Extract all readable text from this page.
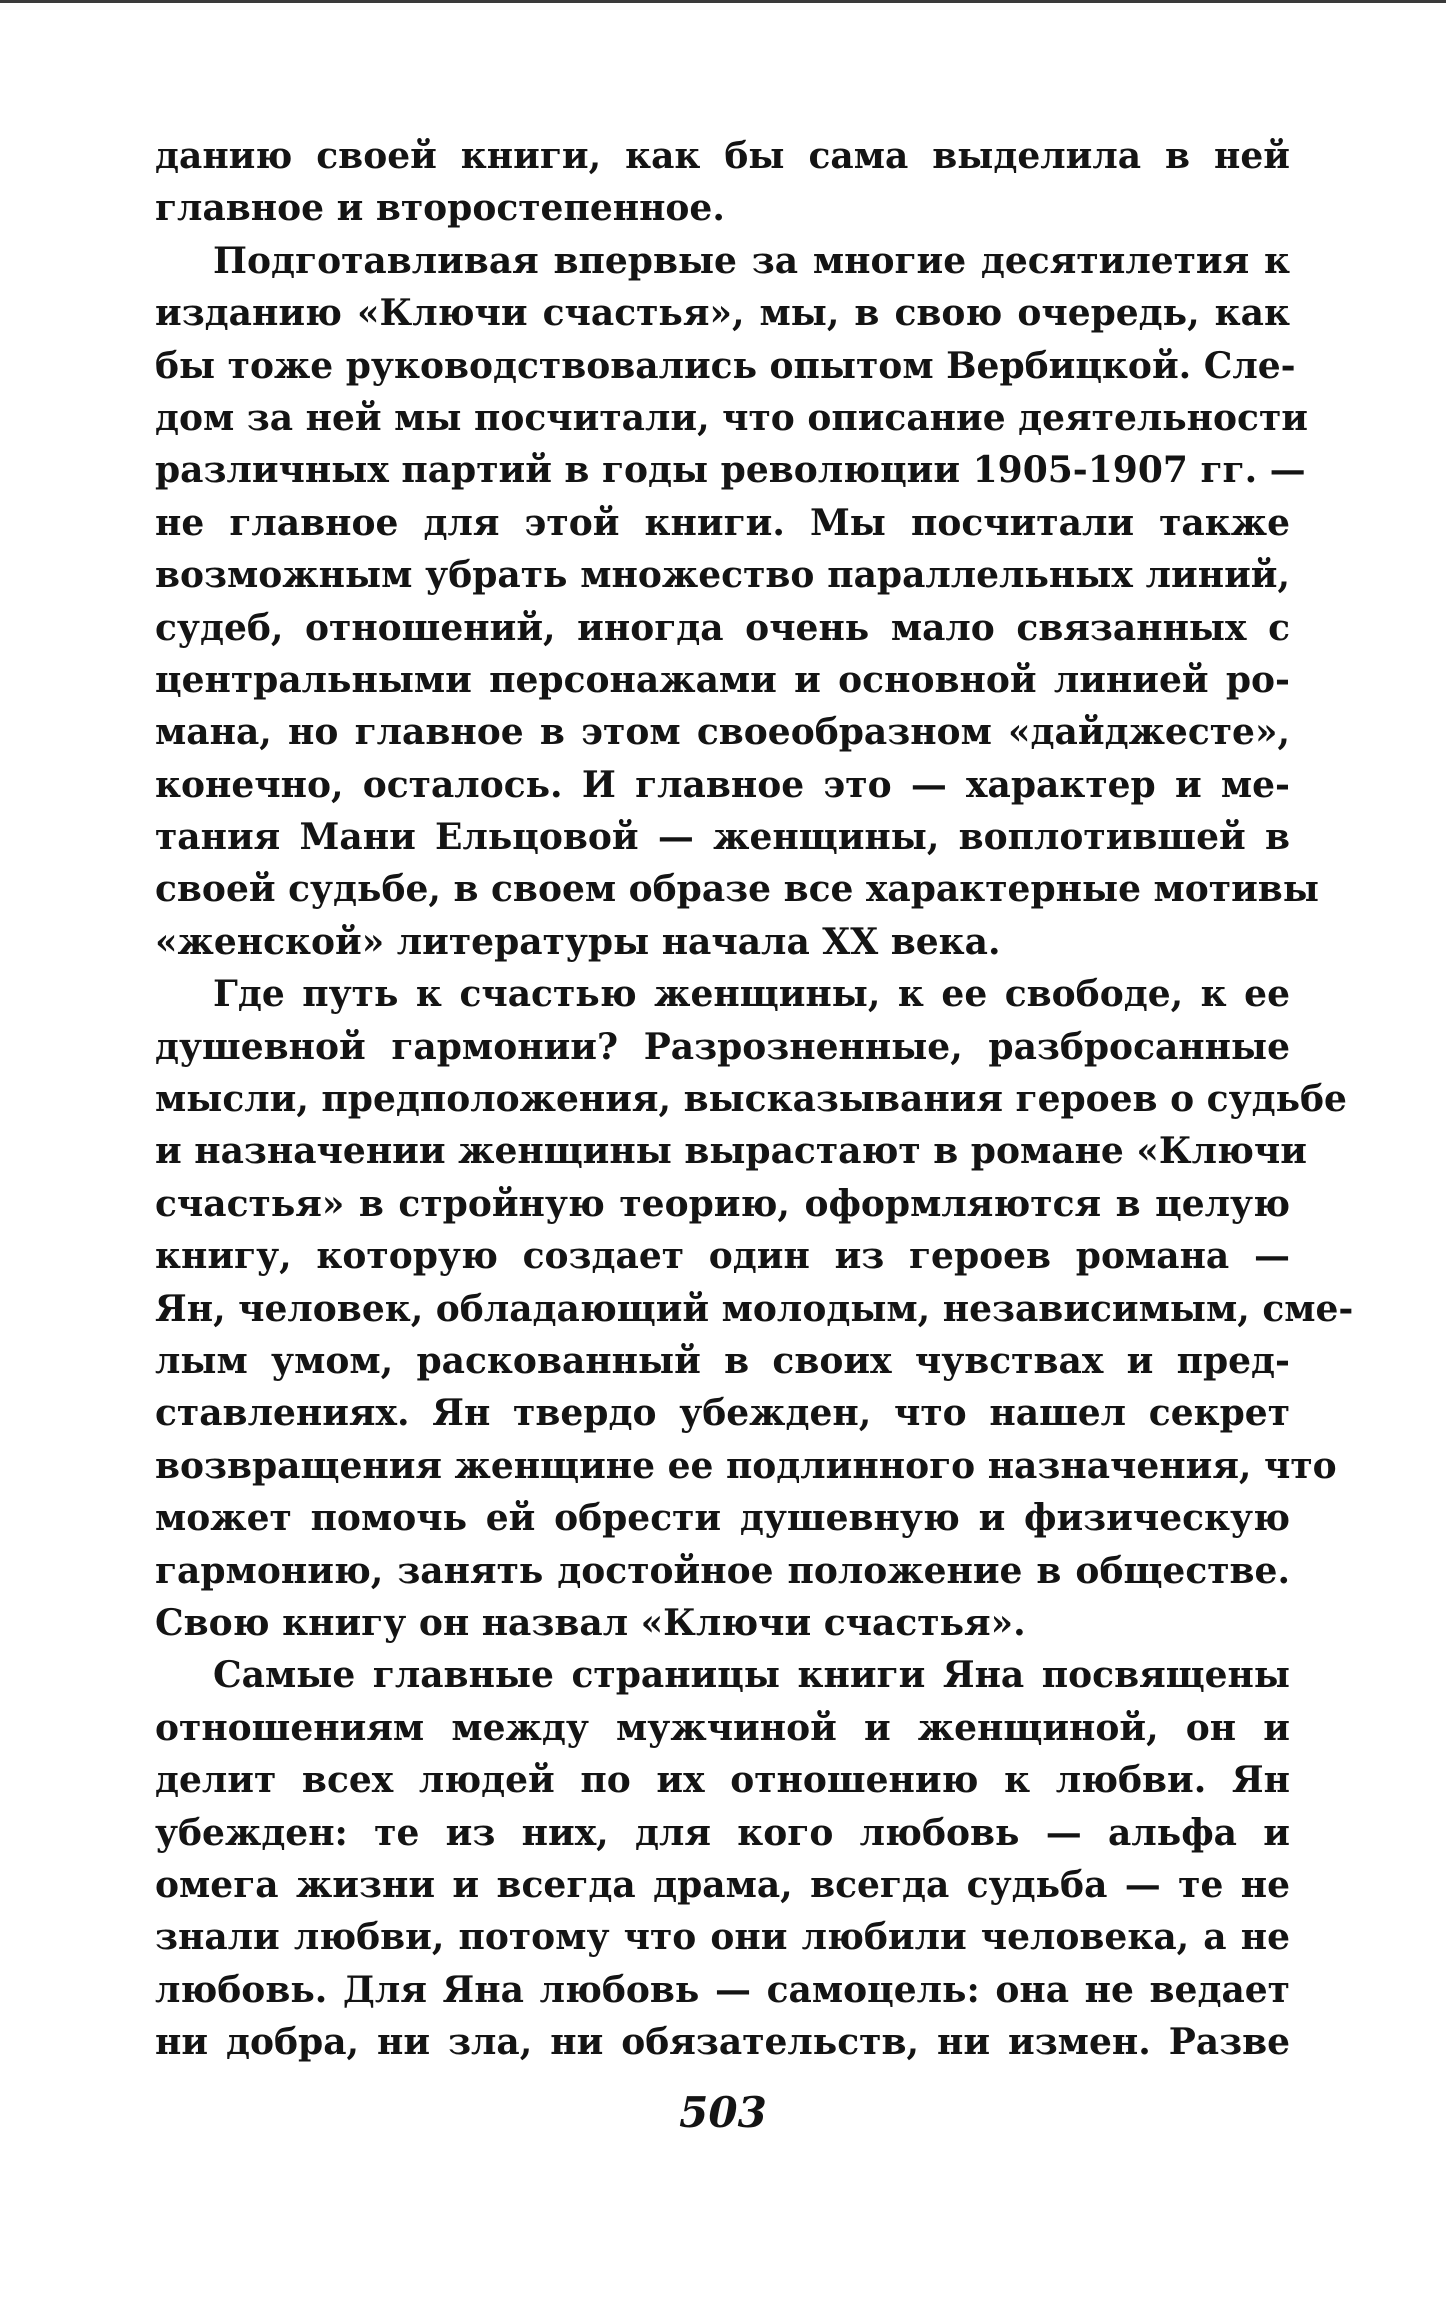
данию своей книги, как бы сама выделила в ней
главное и второстепенное.
Подготавливая впервые за многие десятилетия к
изданию «Ключи счастья», мы, в свою очередь, как
бы тоже руководствовались опытом Вербицкой. Сле-
дом за ней мы посчитали, что описание деятельности
различных партий в годы революции 1905-1907 гг. —
не главное для этой книги. Мы посчитали также
возможным убрать множество параллельных линий,
судеб, отношений, иногда очень мало связанных с
центральными персонажами и основной линией ро-
мана, но главное в этом своеобразном «дайджесте»,
конечно, осталось. И главное это — характер и ме-
тания Мани Ельцовой — женщины, воплотившей в
своей судьбе, в своем образе все характерные мотивы
«женской» литературы начала XX века.
Где путь к счастью женщины, к ее свободе, к ее
душевной гармонии? Разрозненные, разбросанные
мысли, предположения, высказывания героев о судьбе
и назначении женщины вырастают в романе «Ключи
счастья» в стройную теорию, оформляются в целую
книгу, которую создает один из героев романа —
Ян, человек, обладающий молодым, независимым, сме-
лым умом, раскованный в своих чувствах и пред-
ставлениях. Ян твердо убежден, что нашел секрет
возвращения женщине ее подлинного назначения, что
может помочь ей обрести душевную и физическую
гармонию, занять достойное положение в обществе.
Свою книгу он назвал «Ключи счастья».
Самые главные страницы книги Яна посвящены
отношениям между мужчиной и женщиной, он и
делит всех людей по их отношению к любви. Ян
убежден: те из них, для кого любовь — альфа и
омега жизни и всегда драма, всегда судьба — те не
знали любви, потому что они любили человека, а не
любовь. Для Яна любовь — самоцель: она не ведает
ни добра, ни зла, ни обязательств, ни измен. Разве
503
